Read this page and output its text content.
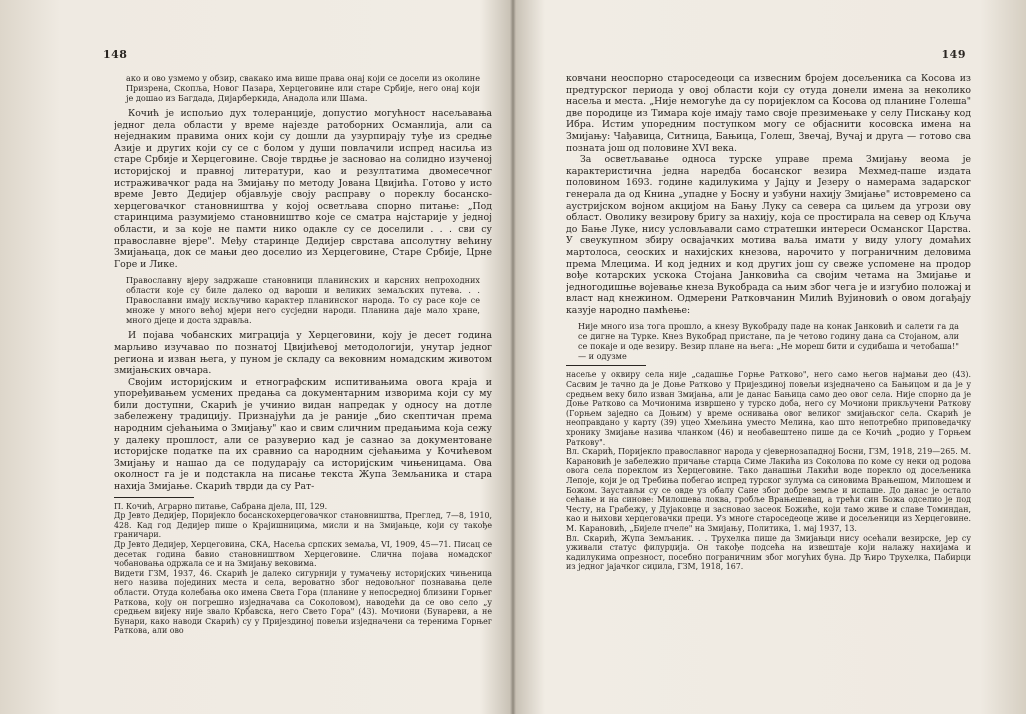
148
ако и ово узмемо у обзир, свакако има више права онај који се досели из околине Призрена, Скопља, Новог Пазара, Херцеговине или старе Србије, него онај који је дошао из Багдада, Дијарберкида, Анадола или Шама.

Кочић је испољио дух толеранције, допустио могућност насељавања једног дела области у време најезде ратоборних Османлија, али са неједнаким правима оних који су дошли да узурпирају туђе из средње Азије и других који су се с болом у души повлачили испред насиља из старе Србије и Херцеговине. Своје тврдње је засновао на солидно изученој историјској и правној литератури, као и резултатима двомесечног истраживачког рада на Змијању по методу Јована Цвијића. Готово у исто време Јевто Дедијер објављује своју расправу о пореклу босанско-херцеговачког становништва у којој осветљава спорно питање: „Под старинцима разумијемо становништво које се сматра најстарије у једној области, и за које не памти нико одакле су се доселили . . . сви су православне вјере". Међу старинце Дедијер сврстава апсолутну већину Змијањаца, док се мањи део доселио из Херцеговине, Старе Србије, Црне Горе и Лике.

Православну вјеру задржаше становници планинских и карсних непроходних области које су биле далеко од вароши и великих земаљских путева. . . Православни имају искључиво карактер планинског народа. То су расе које се множе у много већој мјери него сусједни народи. Планина даје мало хране, много дјеце и доста здравља.

И појава чобанских миграција у Херцеговини, коју је десет година марљиво изучавао по познатој Цвијићевој методологији, унутар једног региона и изван њега, у пуном је складу са вековним номадским животом змијањских овчара.

Својим историјским и етнографским испитивањима овога краја и упоређивањем усмених предања са документарним изворима који су му били доступни, Скарић је учинио видан напредак у односу на дотле забележену традицију. Признајући да је раније „био скептичан према народним сјећањима о Змијању" као и свим сличним предањима која сежу у далеку прошлост, али се разуверио кад је сазнао за документоване историјске податке па их сравнио са народним сјећањима у Кочићевом Змијању и нашао да се подударају са историјским чињеницама. Ова околност га је и подстакла на писање текста Жупа Земљаника и стара нахија Змијање. Скарић тврди да су Рат-

П. Кочић, Аграрно питање, Сабрана дјела, III, 129.

Др Јевто Дедијер, Поријекло босанскохерцеговачког становништва, Преглед, 7—8, 1910, 428. Кад год Дедијер пише о Крајишницима, мисли и на Змијањце, који су такође граничари.

Др Јевто Дедијер, Херцеговина, СКА, Насеља српских земаља, VI, 1909, 45—71. Писац се десетак година бавио становништвом Херцеговине. Слична појава номадског чобановања одржала се и на Змијању вековима.

Видети ГЗМ, 1937, 46. Скарић је далеко сигурнији у тумачењу историјских чињеница него назива појединих места и села, вероватно због недовољног познавања целе области. Отуда колебања око имена Света Гора (планине у непосредној близини Горњег Раткова, коју он погрешно изједначава са Соколовом), наводећи да се ово село „у средњем вијеку није звало Крбавска, него Свето Гора" (43). Мочиони (Бунареви, а не Бунари, како наводи Скарић) су у Пријездиној повељи изједначени са теренима Горњег Раткова, али ово

149

ковчани неоспорно староседеоци са извесним бројем досељеника са Косова из предтурског периода у овој области који су отуда донели имена за неколико насеља и места. „Није немогуће да су поријеклом са Косова од планине Голеша" две породице из Тимара које имају тамо своје презимењаке у селу Пискању код Ибра. Истим упоредним поступком могу се објаснити косовска имена на Змијању: Чађавица, Ситница, Бањица, Голеш, Звечај, Вучај и друга — готово сва позната још од половине XVI века.

За осветљавање односа турске управе према Змијању веома је карактеристична једна наредба босанског везира Мехмед-паше издата половином 1693. године кадилукима у Јајцу и Језеру о намерама задарског генерала да од Книна „упадне у Босну и узбуни нахију Змијање" истовремено са аустријском војном акцијом на Бању Луку са севера са циљем да угрози ову област. Оволику везирову бригу за нахију, која се простирала на север од Кључа до Бање Луке, нису условљавали само стратешки интереси Османског Царства. У свеукупном збиру освајачких мотива ваља имати у виду улогу домаћих мартолоса, сеоских и нахијских кнезова, нарочито у пограничним деловима према Млецима. И код једних и код других још су свеже успомене на продор вође котарских ускока Стојана Јанковића са својим четама на Змијање и једногодишње војевање кнеза Вукобрада са њим због чега је и изгубио положај и власт над кнежином. Одмерени Ратковчанин Милић Вујиновић о овом догађају казује народно памћење:

Није много иза тога прошло, а кнезу Вукобраду паде на конак Јанковић и салети га да се дигне на Турке. Кнез Вукобрад пристане, па је четово годину дана са Стојаном, али се покаје и оде везиру. Везир плане на њега: „Не мореш бити и судибаша и четобаша!" — и одузме

насеље у оквиру села није „садашње Горње Ратково", него само његов најмањи део (43). Сасвим је тачно да је Доње Ратково у Пријездиној повељи изједначено са Бањицом и да је у средњем веку било изван Змијања, али је данас Бањица само део овог села. Није спорно да је Доње Ратково са Мочионима извршено у турско доба, него су Мочиони прикључени Раткову (Горњем заједно са Доњим) у време оснивања овог великог змијањског села. Скарић је неоправдано у карту (39) уцео Хмељина уместо Мелина, као што непотребно приповедачку хронику Змијање назива чланком (46) и необавештено пише да се Кочић „родио у Горњем Раткову".

Вл. Скарић, Поријекло православног народа у сјевернозападној Босни, ГЗМ, 1918, 219—265. М. Карановић је забележио причање старца Симе Лакића из Соколова по коме су неки од родова овога села пореклом из Херцеговине. Тако данашњи Лакићи воде порекло од досељеника Лепоје, који је од Требиња побегао испред турског зулума са синовима Врањешом, Милошем и Божом. Заустављи су се овде уз обалу Сане због добре земље и испаше. До данас је остало сећање и на синове: Милошева локва, гробље Врањешевац, а трећи син Божа одселио је под Честу, на Грабежу, у Дујаковце и засновао засеок Божиће, који тамо живе и славе Томиндан, као и њихови херцеговачки преци. Уз многе староседеоце живе и досељеници из Херцеговине. М. Карановић, „Бијеле пчеле" на Змијању, Политика, 1. мај 1937, 13.

Вл. Скарић, Жупа Земљаник. . . Трухелка пише да Змијањци нису осећали везирске, јер су уживали статус филурџија. Он такође подсећа на извештаје који налажу нахијама и кадилукима опрезност, посебно пограничним због могућих буна. Др Ћиро Трухелка, Пабирци из једног јајачког сиџила, ГЗМ, 1918, 167.
